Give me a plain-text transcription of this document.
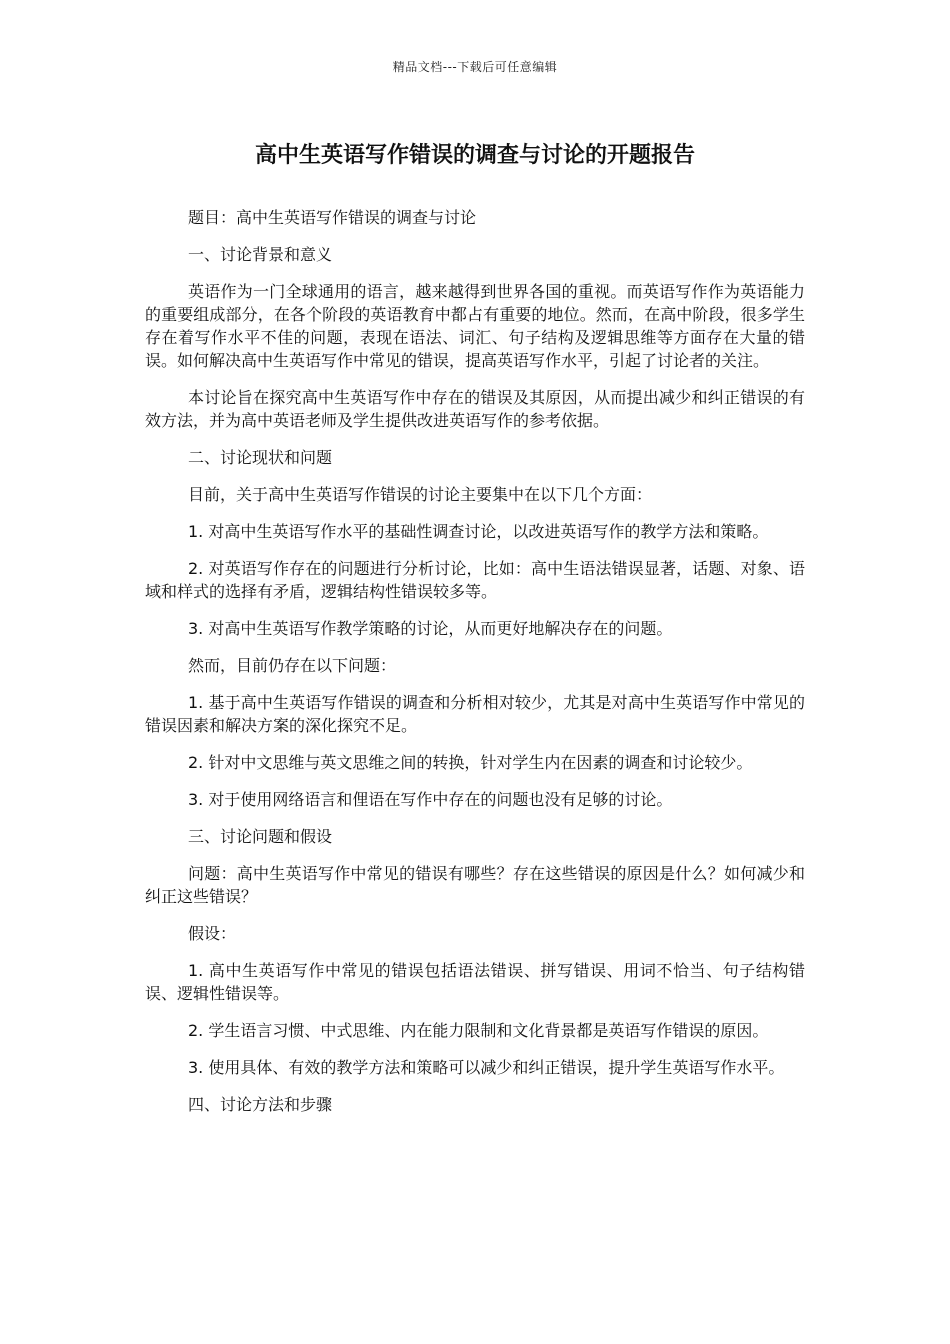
精品文档---下载后可任意编辑
高中生英语写作错误的调查与讨论的开题报告

题目：高中生英语写作错误的调查与讨论

一、讨论背景和意义

英语作为一门全球通用的语言，越来越得到世界各国的重视。而英语写作作为英语能力的重要组成部分，在各个阶段的英语教育中都占有重要的地位。然而，在高中阶段，很多学生存在着写作水平不佳的问题，表现在语法、词汇、句子结构及逻辑思维等方面存在大量的错误。如何解决高中生英语写作中常见的错误，提高英语写作水平，引起了讨论者的关注。

本讨论旨在探究高中生英语写作中存在的错误及其原因，从而提出减少和纠正错误的有效方法，并为高中英语老师及学生提供改进英语写作的参考依据。

二、讨论现状和问题

目前，关于高中生英语写作错误的讨论主要集中在以下几个方面：

1. 对高中生英语写作水平的基础性调查讨论，以改进英语写作的教学方法和策略。

2. 对英语写作存在的问题进行分析讨论，比如：高中生语法错误显著，话题、对象、语域和样式的选择有矛盾，逻辑结构性错误较多等。

3. 对高中生英语写作教学策略的讨论，从而更好地解决存在的问题。

然而，目前仍存在以下问题：

1. 基于高中生英语写作错误的调查和分析相对较少，尤其是对高中生英语写作中常见的错误因素和解决方案的深化探究不足。

2. 针对中文思维与英文思维之间的转换，针对学生内在因素的调查和讨论较少。

3. 对于使用网络语言和俚语在写作中存在的问题也没有足够的讨论。

三、讨论问题和假设

问题：高中生英语写作中常见的错误有哪些？存在这些错误的原因是什么？如何减少和纠正这些错误？

假设：

1. 高中生英语写作中常见的错误包括语法错误、拼写错误、用词不恰当、句子结构错误、逻辑性错误等。

2. 学生语言习惯、中式思维、内在能力限制和文化背景都是英语写作错误的原因。

3. 使用具体、有效的教学方法和策略可以减少和纠正错误，提升学生英语写作水平。

四、讨论方法和步骤
